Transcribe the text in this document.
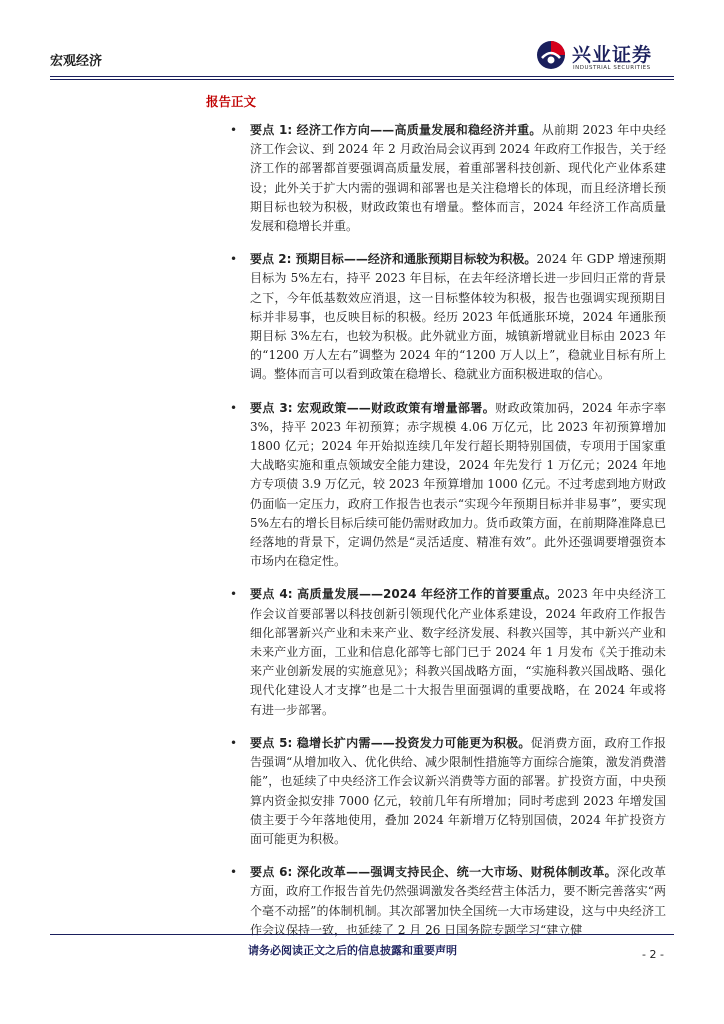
宏观经济	兴业证券
INDUSTRIAL SECURITIES
报告正文
• 要点 1: 经济工作方向——高质量发展和稳经济并重。从前期 2023 年中央经济工作会议、到 2024 年 2 月政治局会议再到 2024 年政府工作报告，关于经济工作的部署都首要强调高质量发展，着重部署科技创新、现代化产业体系建设；此外关于扩大内需的强调和部署也是关注稳增长的体现，而且经济增长预期目标也较为积极，财政政策也有增量。整体而言，2024 年经济工作高质量发展和稳增长并重。
• 要点 2: 预期目标——经济和通胀预期目标较为积极。2024 年 GDP 增速预期目标为 5%左右，持平 2023 年目标，在去年经济增长进一步回归正常的背景之下，今年低基数效应消退，这一目标整体较为积极，报告也强调实现预期目标并非易事，也反映目标的积极。经历 2023 年低通胀环境，2024 年通胀预期目标 3%左右，也较为积极。此外就业方面，城镇新增就业目标由 2023 年的“1200 万人左右”调整为 2024 年的“1200 万人以上”，稳就业目标有所上调。整体而言可以看到政策在稳增长、稳就业方面积极进取的信心。
• 要点 3: 宏观政策——财政政策有增量部署。财政政策加码，2024 年赤字率 3%，持平 2023 年初预算；赤字规模 4.06 万亿元，比 2023 年初预算增加 1800 亿元；2024 年开始拟连续几年发行超长期特别国债，专项用于国家重大战略实施和重点领域安全能力建设，2024 年先发行 1 万亿元；2024 年地方专项债 3.9 万亿元，较 2023 年预算增加 1000 亿元。不过考虑到地方财政仍面临一定压力，政府工作报告也表示“实现今年预期目标并非易事”，要实现 5%左右的增长目标后续可能仍需财政加力。货币政策方面，在前期降准降息已经落地的背景下，定调仍然是“灵活适度、精准有效”。此外还强调要增强资本市场内在稳定性。
• 要点 4: 高质量发展——2024 年经济工作的首要重点。2023 年中央经济工作会议首要部署以科技创新引领现代化产业体系建设，2024 年政府工作报告细化部署新兴产业和未来产业、数字经济发展、科教兴国等，其中新兴产业和未来产业方面，工业和信息化部等七部门已于 2024 年 1 月发布《关于推动未来产业创新发展的实施意见》；科教兴国战略方面，“实施科教兴国战略、强化现代化建设人才支撑”也是二十大报告里面强调的重要战略，在 2024 年或将有进一步部署。
• 要点 5: 稳增长扩内需——投资发力可能更为积极。促消费方面，政府工作报告强调“从增加收入、优化供给、减少限制性措施等方面综合施策，激发消费潜能”，也延续了中央经济工作会议新兴消费等方面的部署。扩投资方面，中央预算内资金拟安排 7000 亿元，较前几年有所增加；同时考虑到 2023 年增发国债主要于今年落地使用，叠加 2024 年新增万亿特别国债，2024 年扩投资方面可能更为积极。
• 要点 6: 深化改革——强调支持民企、统一大市场、财税体制改革。深化改革方面，政府工作报告首先仍然强调激发各类经营主体活力，要不断完善落实“两个毫不动摇”的体制机制。其次部署加快全国统一大市场建设，这与中央经济工作会议保持一致，也延续了 2 月 26 日国务院专题学习“建立健
请务必阅读正文之后的信息披露和重要声明	- 2 -
